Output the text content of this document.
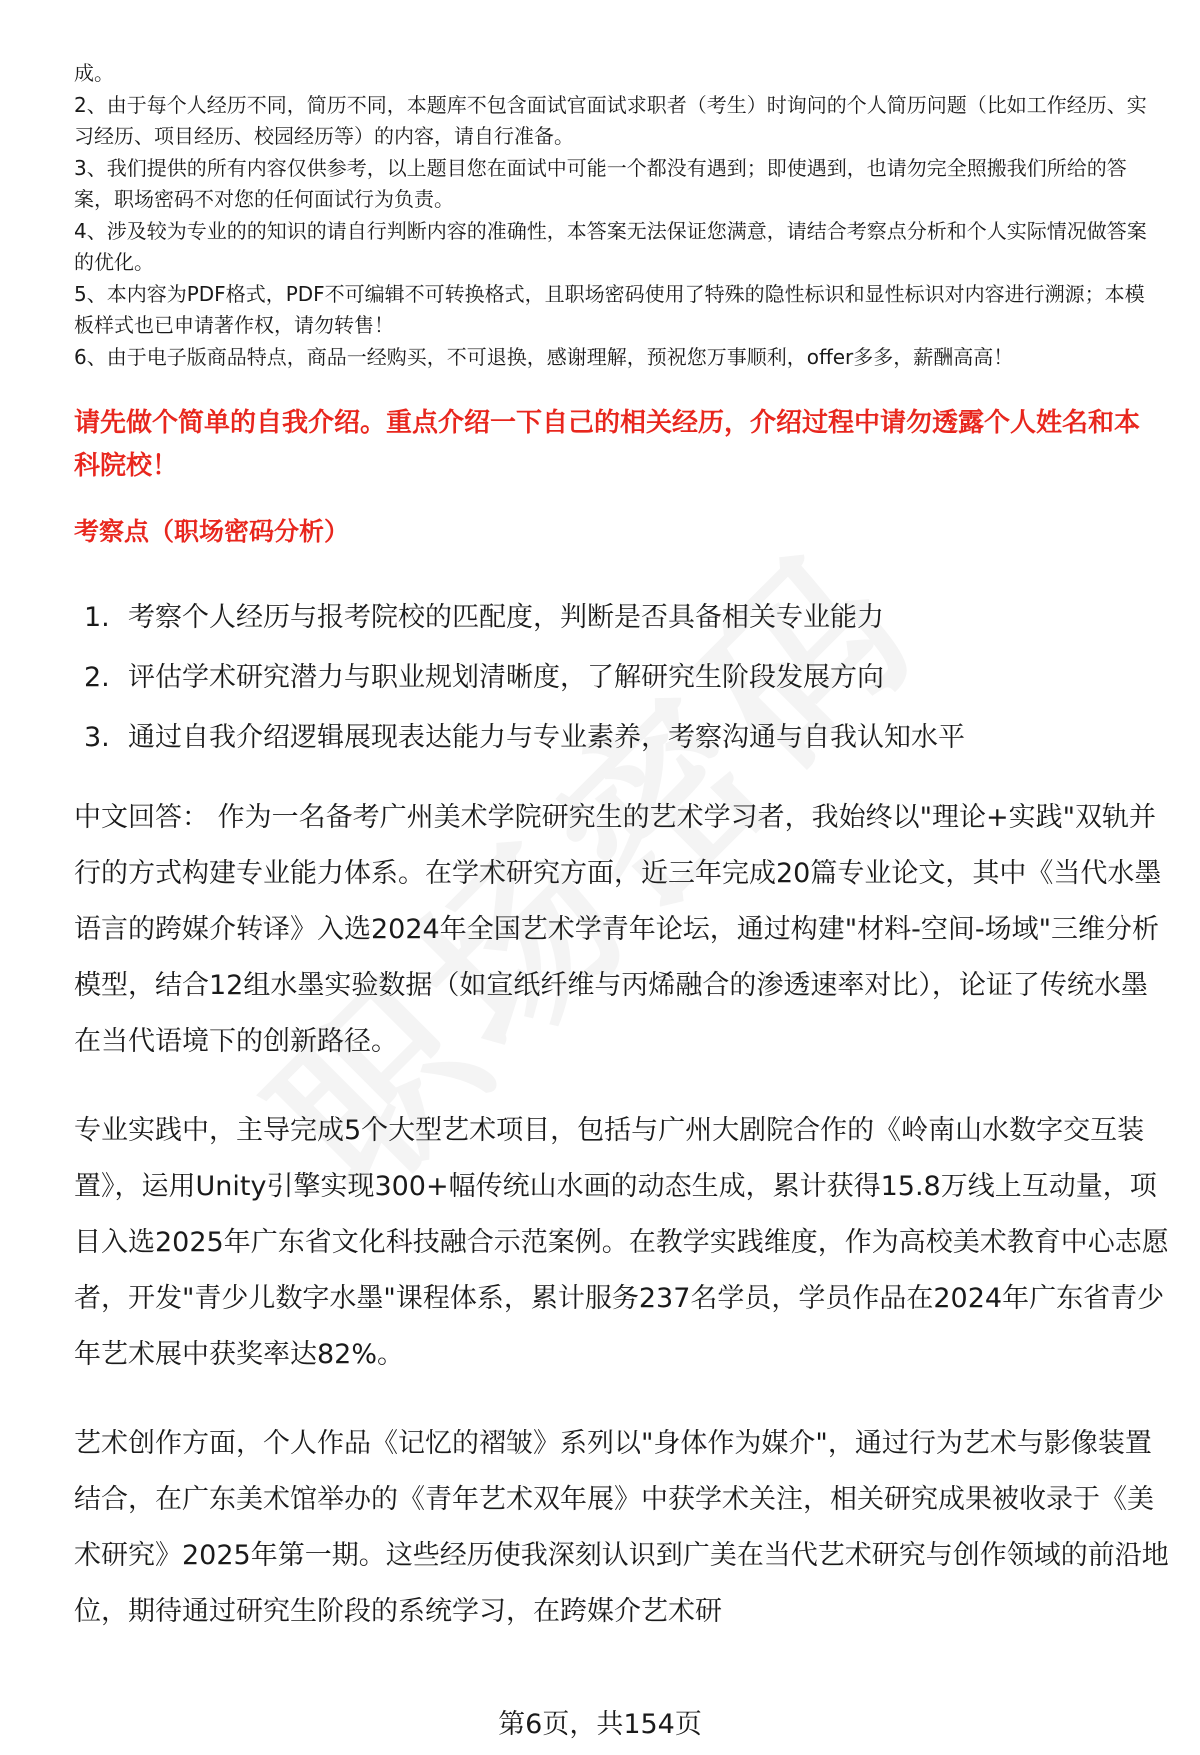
成。

2、由于每个人经历不同，简历不同，本题库不包含面试官面试求职者（考生）时询问的个人简历问题（比如工作经历、实习经历、项目经历、校园经历等）的内容，请自行准备。

3、我们提供的所有内容仅供参考，以上题目您在面试中可能一个都没有遇到；即使遇到，也请勿完全照搬我们所给的答案，职场密码不对您的任何面试行为负责。

4、涉及较为专业的的知识的请自行判断内容的准确性，本答案无法保证您满意，请结合考察点分析和个人实际情况做答案的优化。

5、本内容为PDF格式，PDF不可编辑不可转换格式，且职场密码使用了特殊的隐性标识和显性标识对内容进行溯源；本模板样式也已申请著作权，请勿转售！

6、由于电子版商品特点，商品一经购买，不可退换，感谢理解，预祝您万事顺利，offer多多，薪酬高高！

请先做个简单的自我介绍。重点介绍一下自己的相关经历，介绍过程中请勿透露个人姓名和本科院校！
考察点（职场密码分析）
1. 考察个人经历与报考院校的匹配度，判断是否具备相关专业能力
2. 评估学术研究潜力与职业规划清晰度，了解研究生阶段发展方向
3. 通过自我介绍逻辑展现表达能力与专业素养，考察沟通与自我认知水平

中文回答： 作为一名备考广州美术学院研究生的艺术学习者，我始终以"理论+实践"双轨并行的方式构建专业能力体系。在学术研究方面，近三年完成20篇专业论文，其中《当代水墨语言的跨媒介转译》入选2024年全国艺术学青年论坛，通过构建"材料-空间-场域"三维分析模型，结合12组水墨实验数据（如宣纸纤维与丙烯融合的渗透速率对比），论证了传统水墨在当代语境下的创新路径。

专业实践中，主导完成5个大型艺术项目，包括与广州大剧院合作的《岭南山水数字交互装置》，运用Unity引擎实现300+幅传统山水画的动态生成，累计获得15.8万线上互动量，项目入选2025年广东省文化科技融合示范案例。在教学实践维度，作为高校美术教育中心志愿者，开发"青少儿数字水墨"课程体系，累计服务237名学员，学员作品在2024年广东省青少年艺术展中获奖率达82%。

艺术创作方面，个人作品《记忆的褶皱》系列以"身体作为媒介"，通过行为艺术与影像装置结合，在广东美术馆举办的《青年艺术双年展》中获学术关注，相关研究成果被收录于《美术研究》2025年第一期。这些经历使我深刻认识到广美在当代艺术研究与创作领域的前沿地位，期待通过研究生阶段的系统学习，在跨媒介艺术研

第6页，共154页
